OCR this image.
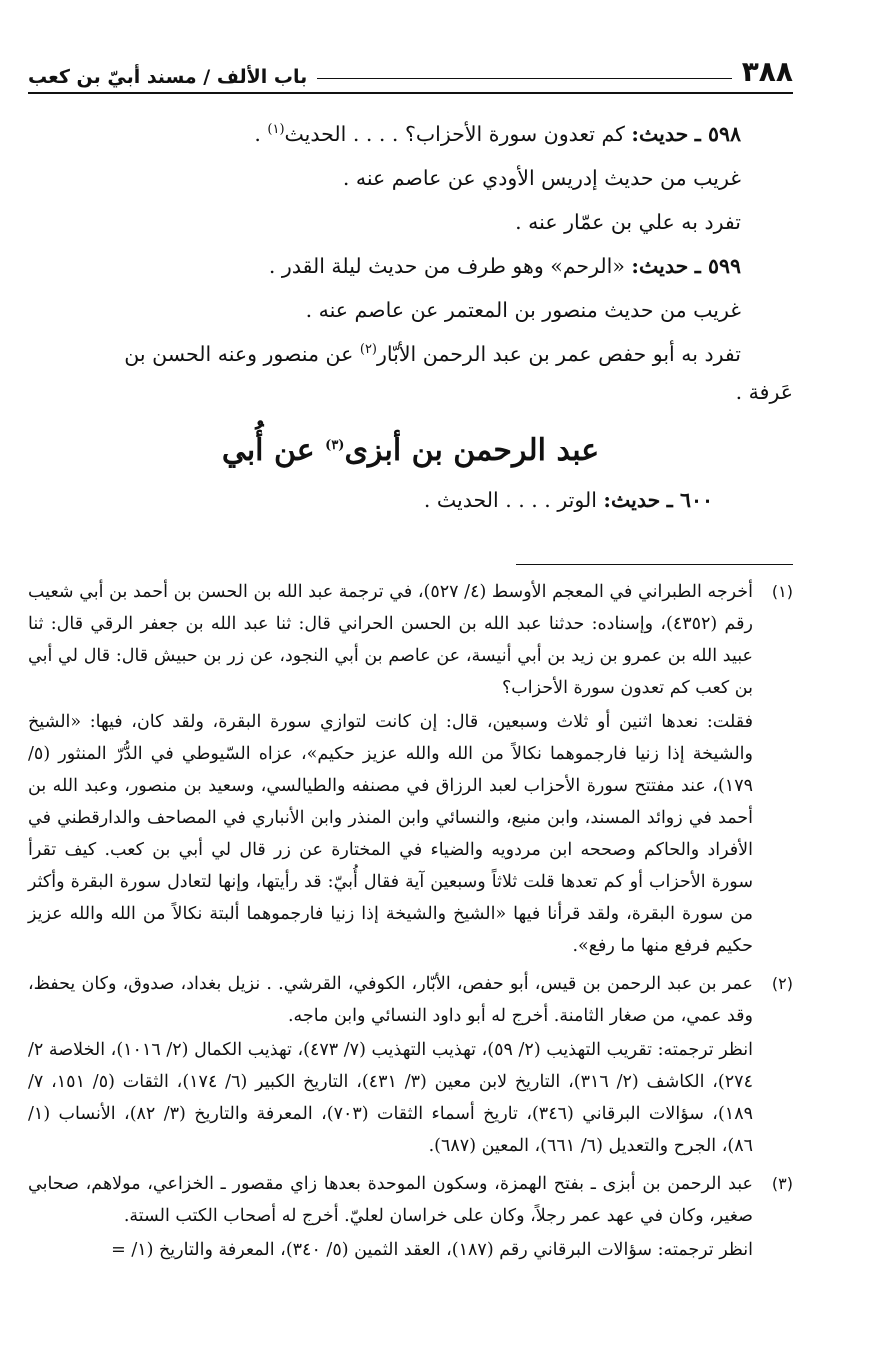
٣٨٨
باب الألف / مسند أبيّ بن كعب
٥٩٨ ـ حديث: كم تعدون سورة الأحزاب؟ . . . . الحديث$^{(١)}$ .
غريب من حديث إدريس الأودي عن عاصم عنه .
تفرد به علي بن عمّار عنه .
٥٩٩ ـ حديث: «الرحم» وهو طرف من حديث ليلة القدر .
غريب من حديث منصور بن المعتمر عن عاصم عنه .
تفرد به أبو حفص عمر بن عبد الرحمن الأبّار$^{(٢)}$ عن منصور وعنه الحسن بن
عَرفة .
عبد الرحمن بن أبزى$^{(٣)}$ عن أُبي
٦٠٠ ـ حديث: الوتر . . . . الحديث .
(١)

أخرجه الطبراني في المعجم الأوسط (٤/ ٥٢٧)، في ترجمة عبد الله بن الحسن بن أحمد بن أبي شعيب رقم (٤٣٥٢)، وإسناده: حدثنا عبد الله بن الحسن الحراني قال: ثنا عبد الله بن جعفر الرقي قال: ثنا عبيد الله بن عمرو بن زيد بن أبي أنيسة، عن عاصم بن أبي النجود، عن زر بن حبيش قال: قال لي أبي بن كعب كم تعدون سورة الأحزاب؟

فقلت: نعدها اثنين أو ثلاث وسبعين، قال: إن كانت لتوازي سورة البقرة، ولقد كان، فيها: «الشيخ والشيخة إذا زنيا فارجموهما نكالاً من الله والله عزيز حكيم»، عزاه السّيوطي في الدُّرّ المنثور (٥/ ١٧٩)، عند مفتتح سورة الأحزاب لعبد الرزاق في مصنفه والطيالسي، وسعيد بن منصور، وعبد الله بن أحمد في زوائد المسند، وابن منيع، والنسائي وابن المنذر وابن الأنباري في المصاحف والدارقطني في الأفراد والحاكم وصححه ابن مردويه والضياء في المختارة عن زر قال لي أبي بن كعب. كيف تقرأ سورة الأحزاب أو كم تعدها قلت ثلاثاً وسبعين آية فقال أُبيّ: قد رأيتها، وإنها لتعادل سورة البقرة وأكثر من سورة البقرة، ولقد قرأنا فيها «الشيخ والشيخة إذا زنيا فارجموهما ألبتة نكالاً من الله والله عزيز حكيم فرفع منها ما رفع».

(٢)

عمر بن عبد الرحمن بن قيس، أبو حفص، الأبّار، الكوفي، القرشي. . نزيل بغداد، صدوق، وكان يحفظ، وقد عمي، من صغار الثامنة. أخرج له أبو داود النسائي وابن ماجه.

انظر ترجمته: تقريب التهذيب (٢/ ٥٩)، تهذيب التهذيب (٧/ ٤٧٣)، تهذيب الكمال (٢/ ١٠١٦)، الخلاصة ٢/ ٢٧٤)، الكاشف (٢/ ٣١٦)، التاريخ لابن معين (٣/ ٤٣١)، التاريخ الكبير (٦/ ١٧٤)، الثقات (٥/ ١٥١، ٧/ ١٨٩)، سؤالات البرقاني (٣٤٦)، تاريخ أسماء الثقات (٧٠٣)، المعرفة والتاريخ (٣/ ٨٢)، الأنساب (١/ ٨٦)، الجرح والتعديل (٦/ ٦٦١)، المعين (٦٨٧).

(٣)

عبد الرحمن بن أبزى ـ بفتح الهمزة، وسكون الموحدة بعدها زاي مقصور ـ الخزاعي، مولاهم، صحابي صغير، وكان في عهد عمر رجلاً، وكان على خراسان لعليّ. أخرج له أصحاب الكتب الستة.

انظر ترجمته: سؤالات البرقاني رقم (١٨٧)، العقد الثمين (٥/ ٣٤٠)، المعرفة والتاريخ (١/ =
